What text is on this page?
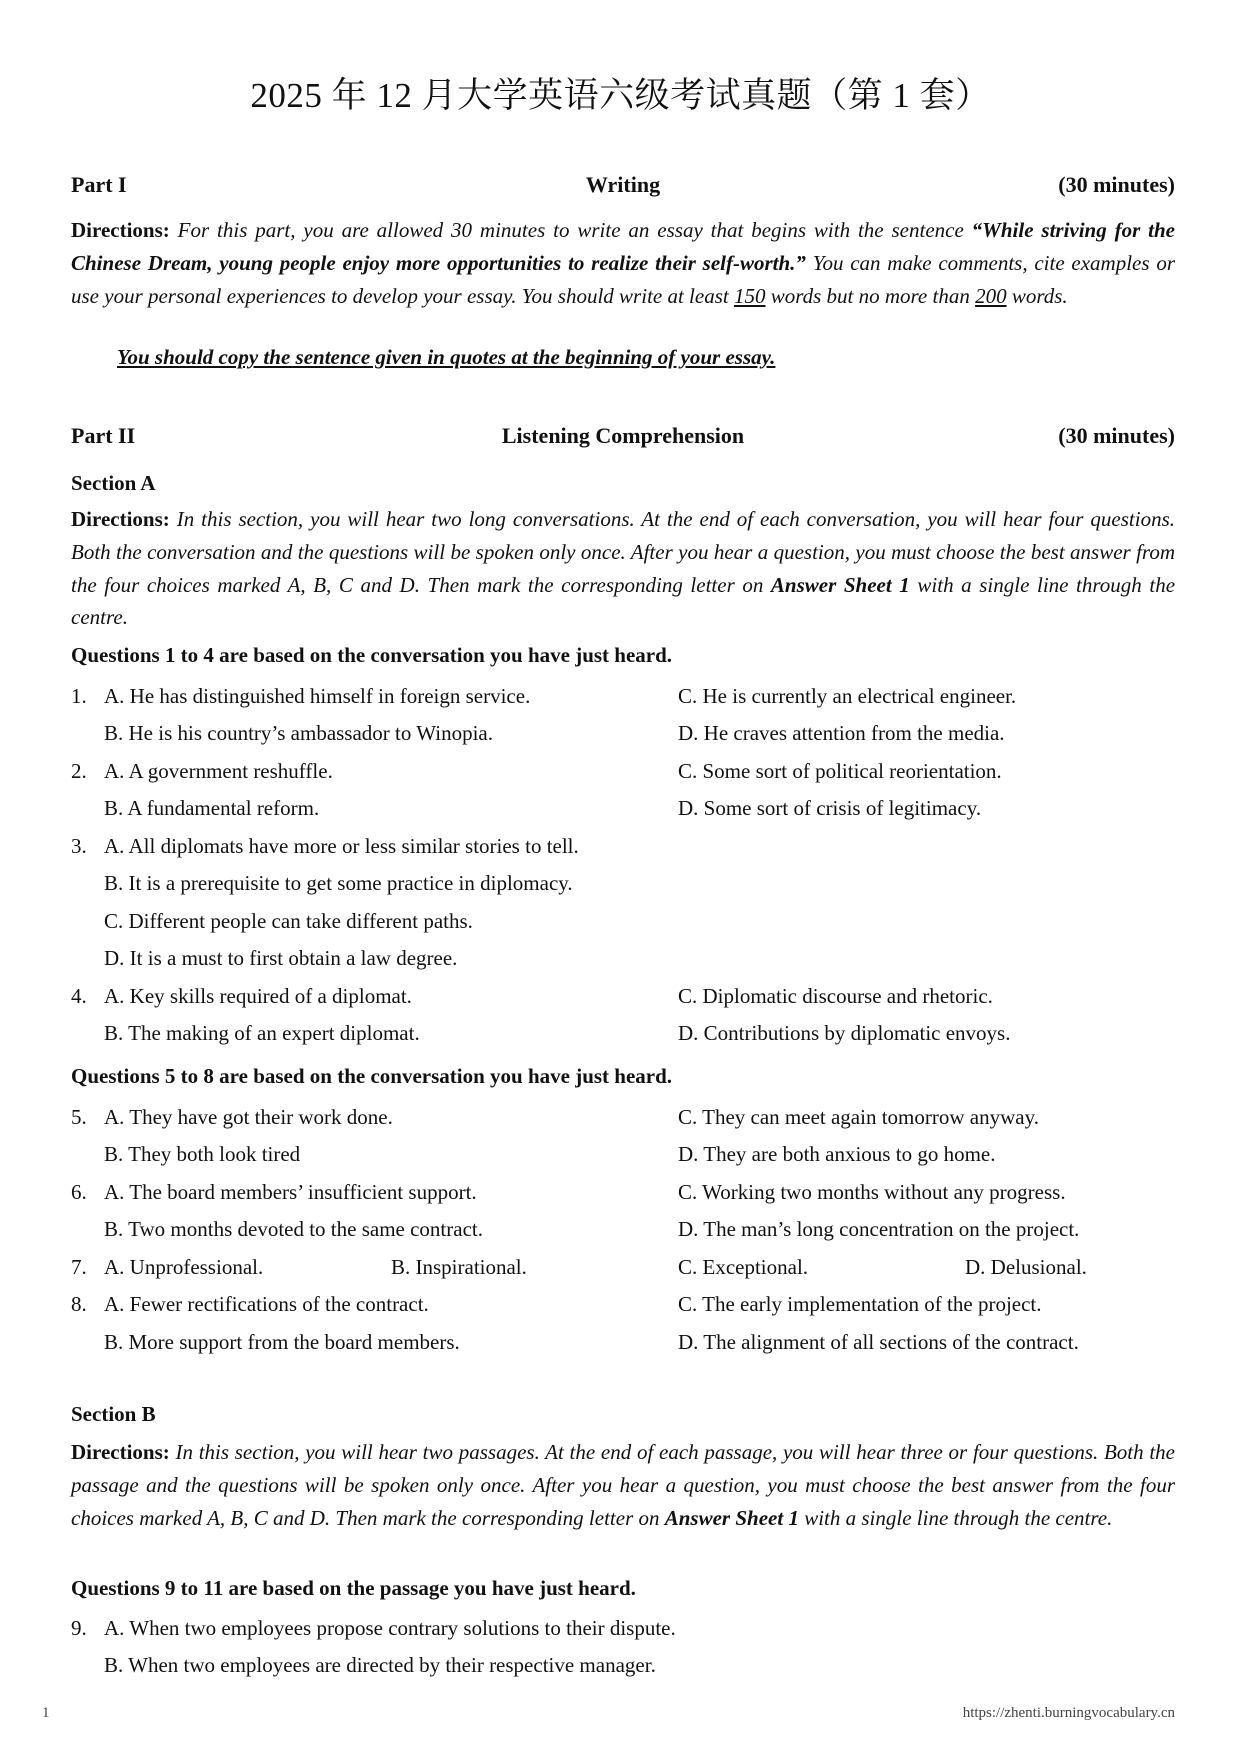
2025 年 12 月大学英语六级考试真题（第 1 套）
Part I	Writing	(30 minutes)
Directions: For this part, you are allowed 30 minutes to write an essay that begins with the sentence “While striving for the Chinese Dream, young people enjoy more opportunities to realize their self-worth.” You can make comments, cite examples or use your personal experiences to develop your essay. You should write at least 150 words but no more than 200 words.
You should copy the sentence given in quotes at the beginning of your essay.
Part II	Listening Comprehension	(30 minutes)
Section A
Directions: In this section, you will hear two long conversations. At the end of each conversation, you will hear four questions. Both the conversation and the questions will be spoken only once. After you hear a question, you must choose the best answer from the four choices marked A, B, C and D. Then mark the corresponding letter on Answer Sheet 1 with a single line through the centre.
Questions 1 to 4 are based on the conversation you have just heard.
1. A. He has distinguished himself in foreign service.	C. He is currently an electrical engineer.
B. He is his country’s ambassador to Winopia.	D. He craves attention from the media.
2. A. A government reshuffle.	C. Some sort of political reorientation.
B. A fundamental reform.	D. Some sort of crisis of legitimacy.
3. A. All diplomats have more or less similar stories to tell.
B. It is a prerequisite to get some practice in diplomacy.
C. Different people can take different paths.
D. It is a must to first obtain a law degree.
4. A. Key skills required of a diplomat.	C. Diplomatic discourse and rhetoric.
B. The making of an expert diplomat.	D. Contributions by diplomatic envoys.
Questions 5 to 8 are based on the conversation you have just heard.
5. A. They have got their work done.	C. They can meet again tomorrow anyway.
B. They both look tired	D. They are both anxious to go home.
6. A. The board members’ insufficient support.	C. Working two months without any progress.
B. Two months devoted to the same contract.	D. The man’s long concentration on the project.
7. A. Unprofessional.	B. Inspirational.	C. Exceptional.	D. Delusional.
8. A. Fewer rectifications of the contract.	C. The early implementation of the project.
B. More support from the board members.	D. The alignment of all sections of the contract.
Section B
Directions: In this section, you will hear two passages. At the end of each passage, you will hear three or four questions. Both the passage and the questions will be spoken only once. After you hear a question, you must choose the best answer from the four choices marked A, B, C and D. Then mark the corresponding letter on Answer Sheet 1 with a single line through the centre.
Questions 9 to 11 are based on the passage you have just heard.
9. A. When two employees propose contrary solutions to their dispute.
B. When two employees are directed by their respective manager.
1	https://zhenti.burningvocabulary.cn
